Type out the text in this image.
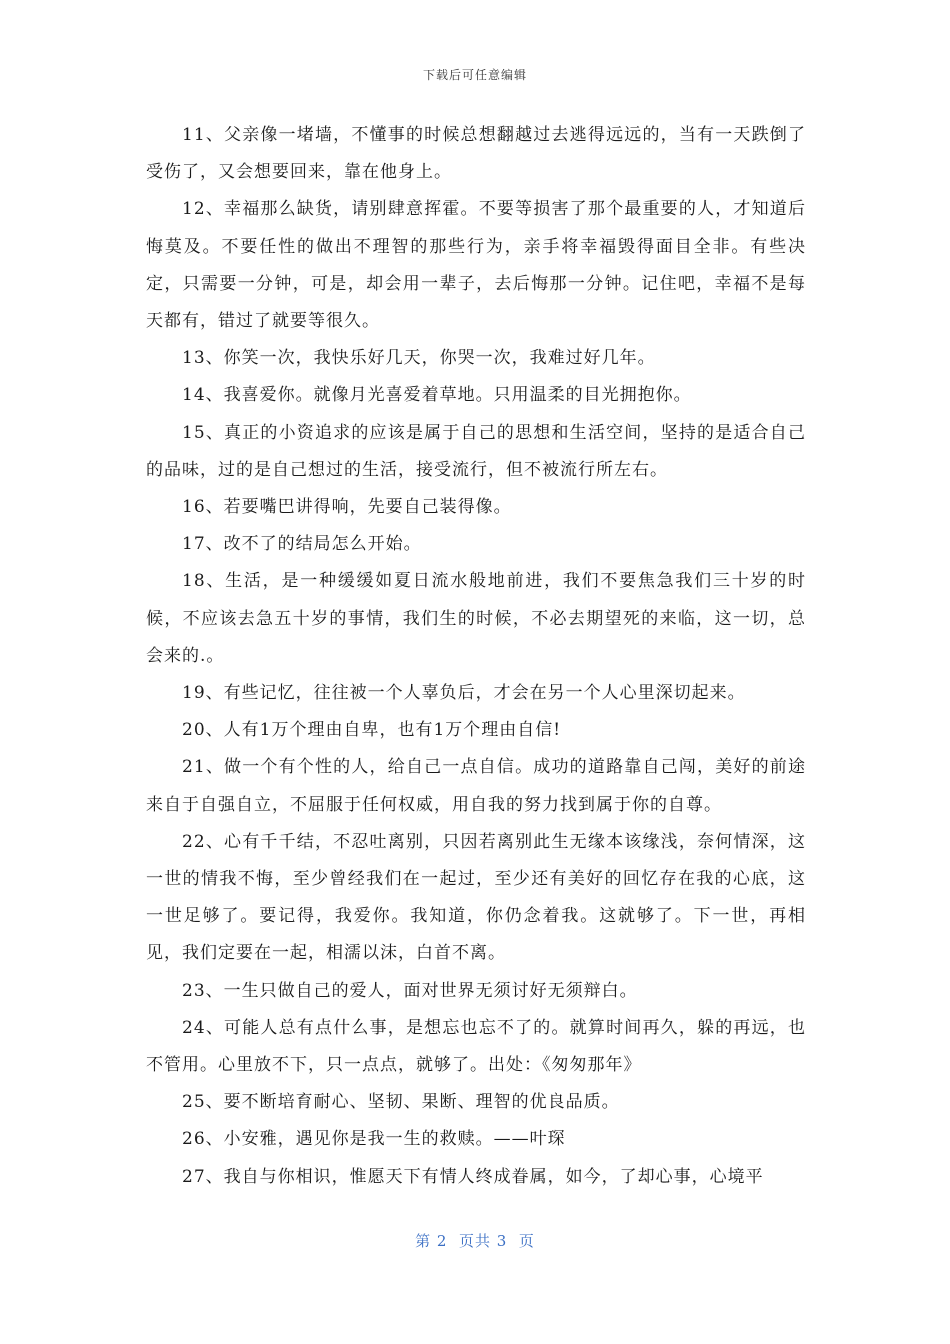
下载后可任意编辑

11、父亲像一堵墙，不懂事的时候总想翻越过去逃得远远的，当有一天跌倒了受伤了，又会想要回来，靠在他身上。

12、幸福那么缺货，请别肆意挥霍。不要等损害了那个最重要的人，才知道后悔莫及。不要任性的做出不理智的那些行为，亲手将幸福毁得面目全非。有些决定，只需要一分钟，可是，却会用一辈子，去后悔那一分钟。记住吧，幸福不是每天都有，错过了就要等很久。

13、你笑一次，我快乐好几天，你哭一次，我难过好几年。

14、我喜爱你。就像月光喜爱着草地。只用温柔的目光拥抱你。

15、真正的小资追求的应该是属于自己的思想和生活空间，坚持的是适合自己的品味，过的是自己想过的生活，接受流行，但不被流行所左右。

16、若要嘴巴讲得响，先要自己装得像。

17、改不了的结局怎么开始。

18、生活，是一种缓缓如夏日流水般地前进，我们不要焦急我们三十岁的时候，不应该去急五十岁的事情，我们生的时候，不必去期望死的来临，这一切，总会来的.。

19、有些记忆，往往被一个人辜负后，才会在另一个人心里深切起来。

20、人有1万个理由自卑，也有1万个理由自信!

21、做一个有个性的人，给自己一点自信。成功的道路靠自己闯，美好的前途来自于自强自立，不屈服于任何权威，用自我的努力找到属于你的自尊。

22、心有千千结，不忍吐离别，只因若离别此生无缘本该缘浅，奈何情深，这一世的情我不悔，至少曾经我们在一起过，至少还有美好的回忆存在我的心底，这一世足够了。要记得，我爱你。我知道，你仍念着我。这就够了。下一世，再相见，我们定要在一起，相濡以沫，白首不离。

23、一生只做自己的爱人，面对世界无须讨好无须辩白。

24、可能人总有点什么事，是想忘也忘不了的。就算时间再久，躲的再远，也不管用。心里放不下，只一点点，就够了。出处：《匆匆那年》

25、要不断培育耐心、坚韧、果断、理智的优良品质。

26、小安雅，遇见你是我一生的救赎。——叶琛

27、我自与你相识，惟愿天下有情人终成眷属，如今，了却心事，心境平

第 2  页共 3  页
